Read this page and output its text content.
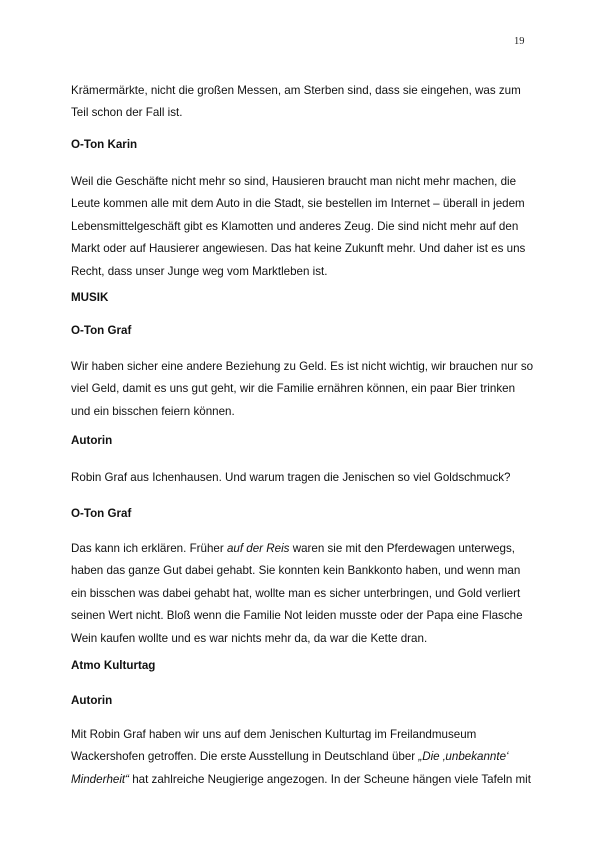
19
Krämermärkte, nicht die großen Messen, am Sterben sind, dass sie eingehen, was zum
Teil schon der Fall ist.
O-Ton Karin
Weil die Geschäfte nicht mehr so sind, Hausieren braucht man nicht mehr machen, die
Leute kommen alle mit dem Auto in die Stadt, sie bestellen im Internet – überall in jedem
Lebensmittelgeschäft gibt es Klamotten und anderes Zeug. Die sind nicht mehr auf den
Markt oder auf Hausierer angewiesen. Das hat keine Zukunft mehr. Und daher ist es uns
Recht, dass unser Junge weg vom Marktleben ist.
MUSIK
O-Ton Graf
Wir haben sicher eine andere Beziehung zu Geld. Es ist nicht wichtig, wir brauchen nur so
viel Geld, damit es uns gut geht, wir die Familie ernähren können, ein paar Bier trinken
und ein bisschen feiern können.
Autorin
Robin Graf aus Ichenhausen. Und warum tragen die Jenischen so viel Goldschmuck?
O-Ton Graf
Das kann ich erklären. Früher auf der Reis waren sie mit den Pferdewagen unterwegs,
haben das ganze Gut dabei gehabt. Sie konnten kein Bankkonto haben, und wenn man
ein bisschen was dabei gehabt hat, wollte man es sicher unterbringen, und Gold verliert
seinen Wert nicht. Bloß wenn die Familie Not leiden musste oder der Papa eine Flasche
Wein kaufen wollte und es war nichts mehr da, da war die Kette dran.
Atmo Kulturtag
Autorin
Mit Robin Graf haben wir uns auf dem Jenischen Kulturtag im Freilandmuseum
Wackershofen getroffen. Die erste Ausstellung in Deutschland über „Die ‚unbekannte‘
Minderheit“ hat zahlreiche Neugierige angezogen. In der Scheune hängen viele Tafeln mit
